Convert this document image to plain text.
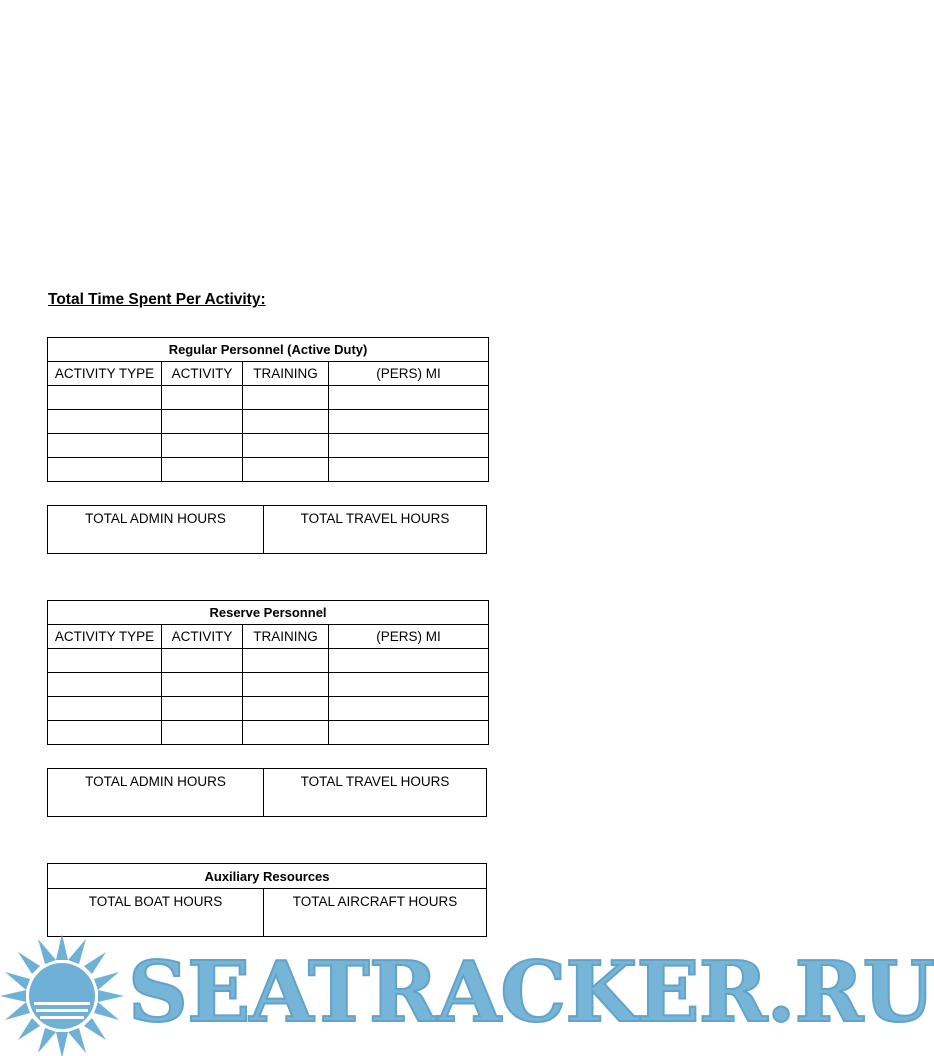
Total Time Spent Per Activity:
Regular Personnel (Active Duty)			
ACTIVITY TYPE	ACTIVITY	TRAINING	(PERS) MI

TOTAL ADMIN HOURS	TOTAL TRAVEL HOURS
Reserve Personnel			
ACTIVITY TYPE	ACTIVITY	TRAINING	(PERS) MI

TOTAL ADMIN HOURS	TOTAL TRAVEL HOURS
Auxiliary Resources
TOTAL BOAT HOURS	TOTAL AIRCRAFT HOURS
SEATRACKER.RU
